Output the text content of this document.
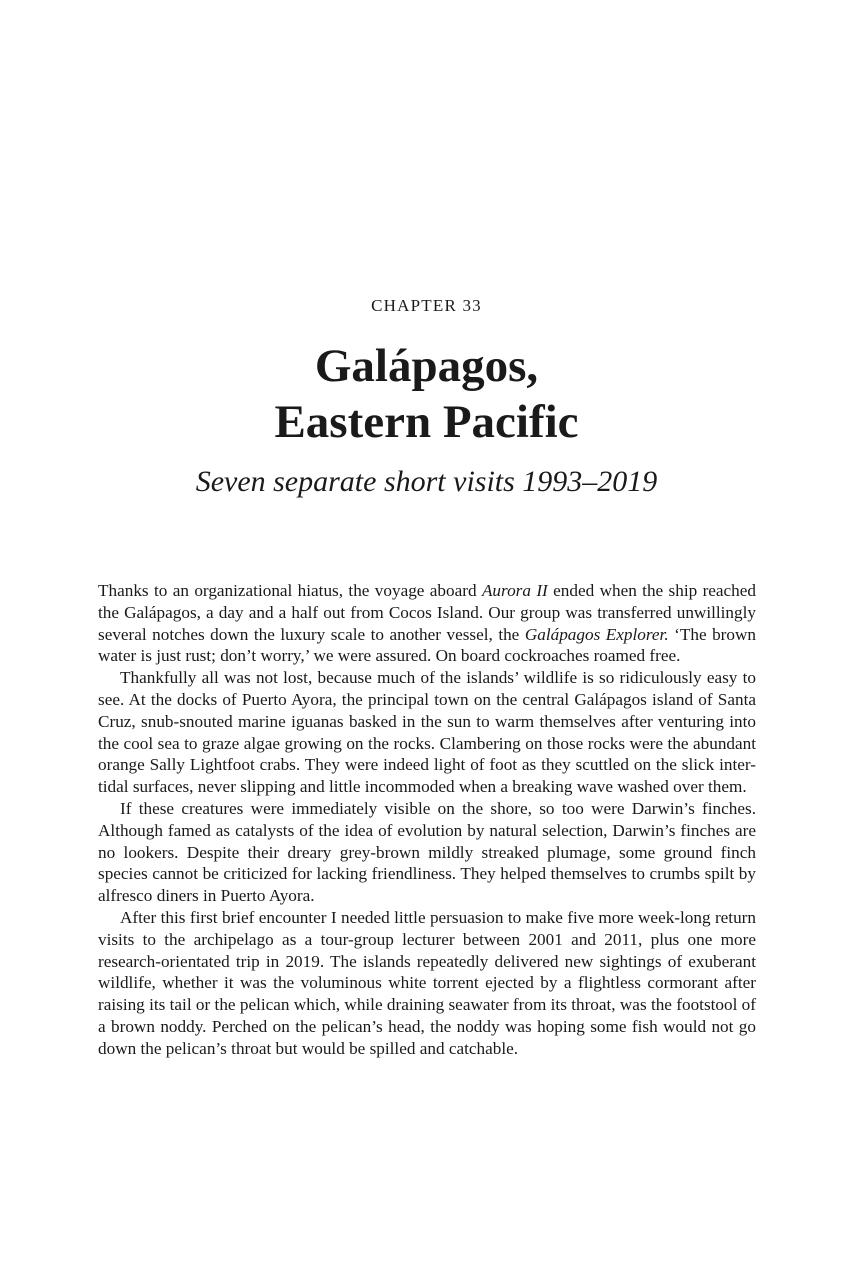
CHAPTER 33
Galápagos,
Eastern Pacific
Seven separate short visits 1993–2019

Thanks to an organizational hiatus, the voyage aboard Aurora II ended when the ship reached the Galápagos, a day and a half out from Cocos Island. Our group was transferred unwillingly several notches down the luxury scale to another vessel, the Galápagos Explorer. ‘The brown water is just rust; don’t worry,’ we were assured. On board cockroaches roamed free.

Thankfully all was not lost, because much of the islands’ wildlife is so ridiculously easy to see. At the docks of Puerto Ayora, the principal town on the central Galápagos island of Santa Cruz, snub-snouted marine iguanas basked in the sun to warm themselves after venturing into the cool sea to graze algae growing on the rocks. Clambering on those rocks were the abundant orange Sally Lightfoot crabs. They were indeed light of foot as they scuttled on the slick inter-tidal surfaces, never slipping and little incommoded when a breaking wave washed over them.

If these creatures were immediately visible on the shore, so too were Darwin’s finches. Although famed as catalysts of the idea of evolution by natural selection, Darwin’s finches are no lookers. Despite their dreary grey-brown mildly streaked plumage, some ground finch species cannot be criticized for lacking friendliness. They helped themselves to crumbs spilt by alfresco diners in Puerto Ayora.

After this first brief encounter I needed little persuasion to make five more week-long return visits to the archipelago as a tour-group lecturer between 2001 and 2011, plus one more research-orientated trip in 2019. The islands repeatedly delivered new sightings of exuberant wildlife, whether it was the voluminous white torrent ejected by a flightless cormorant after raising its tail or the pelican which, while draining seawater from its throat, was the footstool of a brown noddy. Perched on the pelican’s head, the noddy was hoping some fish would not go down the pelican’s throat but would be spilled and catchable.
